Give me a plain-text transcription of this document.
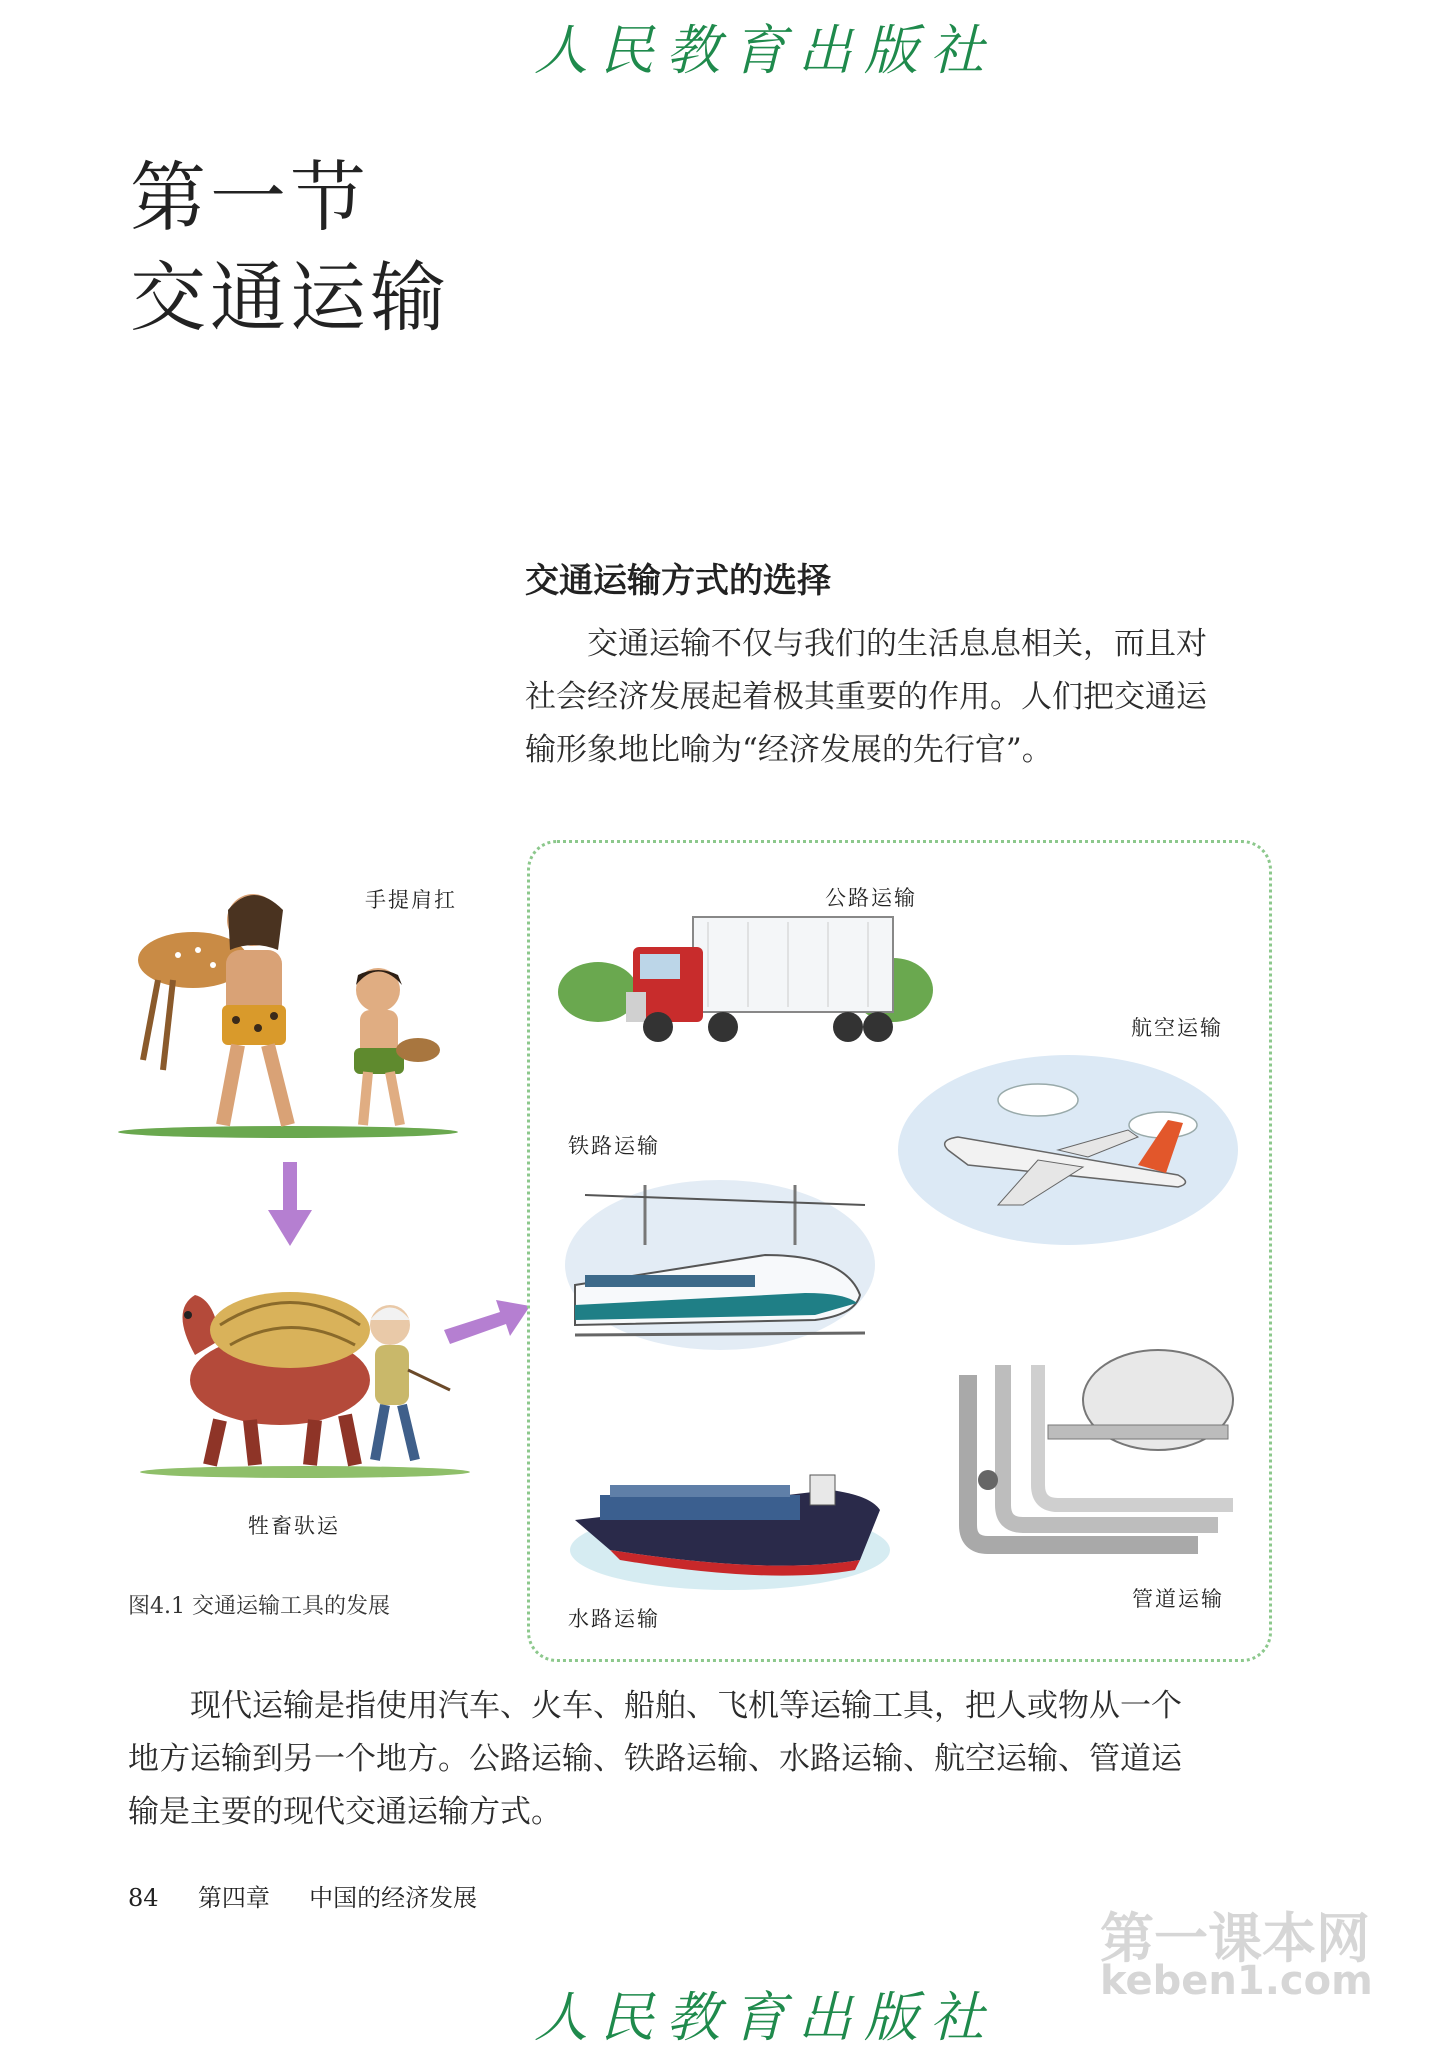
人民教育出版社
第一节
交通运输
交通运输方式的选择
交通运输不仅与我们的生活息息相关，而且对
社会经济发展起着极其重要的作用。人们把交通运
输形象地比喻为“经济发展的先行官”。
手提肩扛
牲畜驮运
图4.1 交通运输工具的发展
公路运输
航空运输
铁路运输
水路运输
管道运输
现代运输是指使用汽车、火车、船舶、飞机等运输工具，把人或物从一个
地方运输到另一个地方。公路运输、铁路运输、水路运输、航空运输、管道运
输是主要的现代交通运输方式。
84 第四章 中国的经济发展
第一课本网
keben1.com
人民教育出版社
